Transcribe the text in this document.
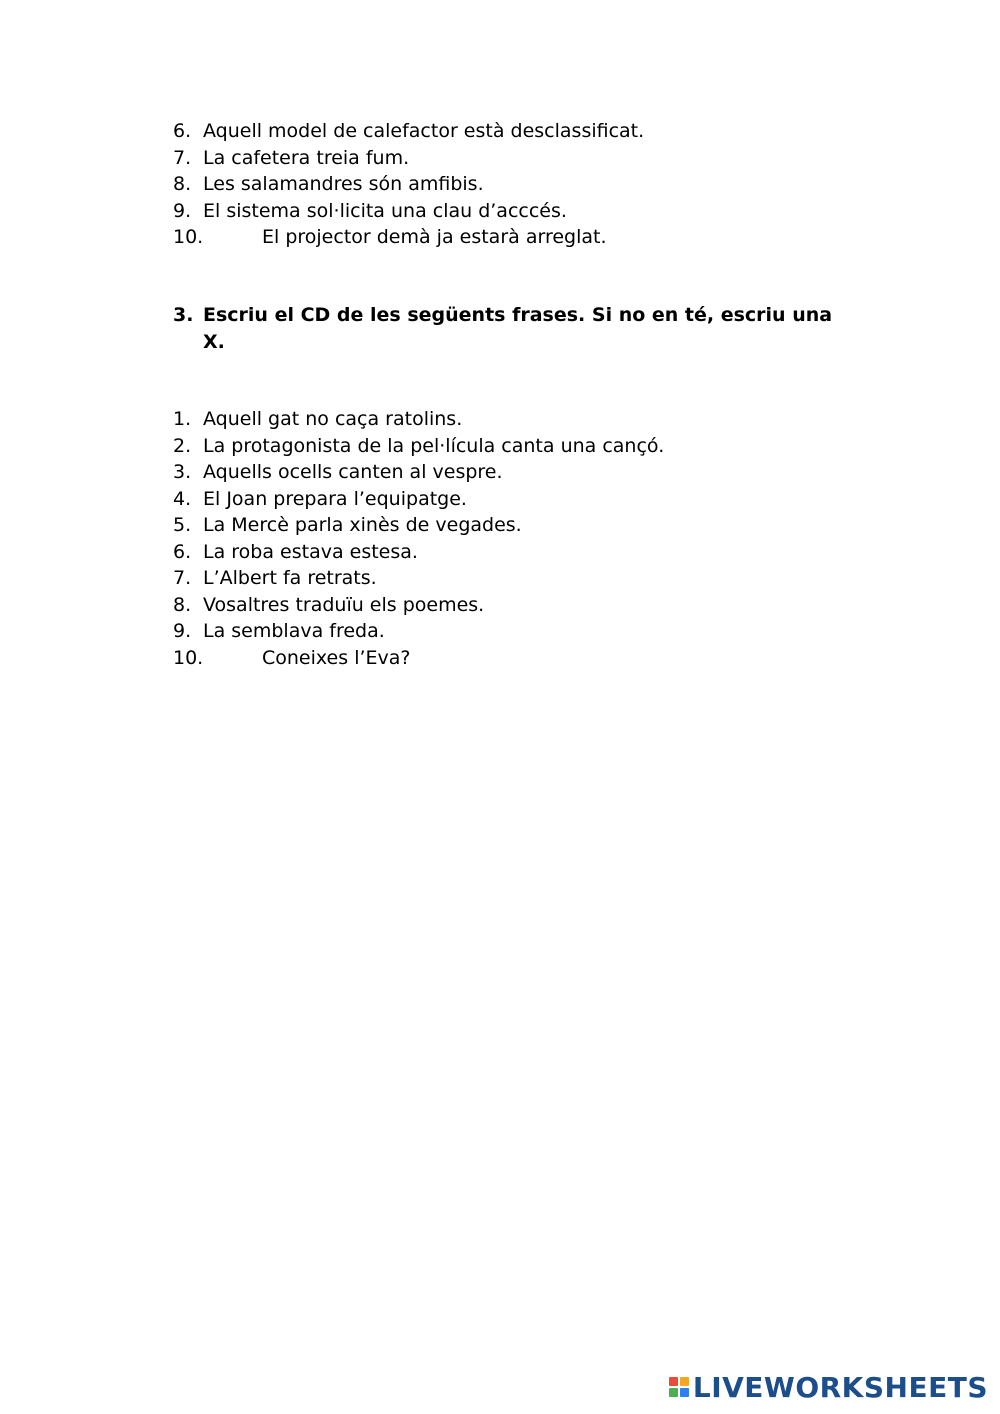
6. Aquell model de calefactor està desclassificat.
7. La cafetera treia fum.
8. Les salamandres són amfibis.
9. El sistema sol·licita una clau d’acccés.
10.	El projector demà ja estarà arreglat.
3. Escriu el CD de les següents frases. Si no en té, escriu una X.
1. Aquell gat no caça ratolins.
2. La protagonista de la pel·lícula canta una cançó.
3. Aquells ocells canten al vespre.
4. El Joan prepara l’equipatge.
5. La Mercè parla xinès de vegades.
6. La roba estava estesa.
7. L’Albert fa retrats.
8. Vosaltres traduïu els poemes.
9. La semblava freda.
10.	Coneixes l’Eva?
LIVEWORKSHEETS
